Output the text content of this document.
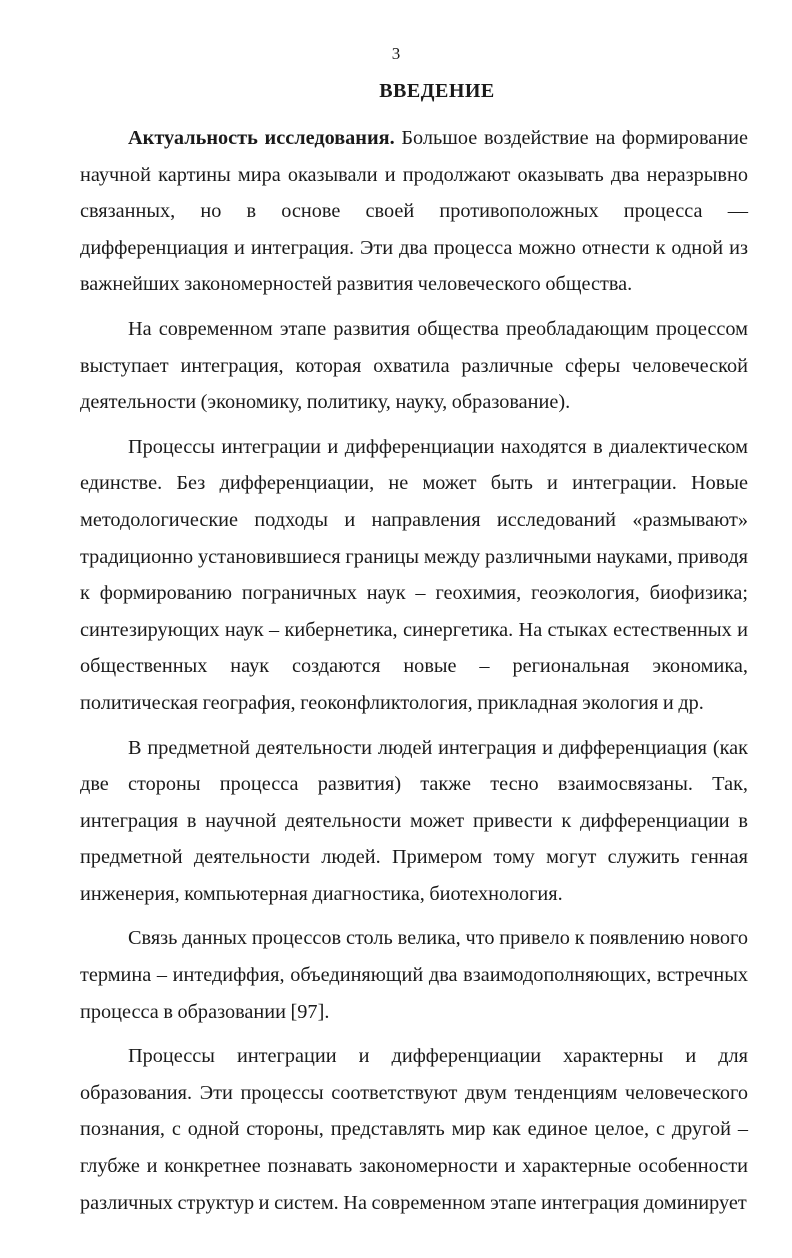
3
ВВЕДЕНИЕ

Актуальность исследования. Большое воздействие на формирование научной картины мира оказывали и продолжают оказывать два неразрывно связанных, но в основе своей противоположных процесса — дифференциация и интеграция. Эти два процесса можно отнести к одной из важнейших закономерностей развития человеческого общества.

На современном этапе развития общества преобладающим процессом выступает интеграция, которая охватила различные сферы человеческой деятельности (экономику, политику, науку, образование).

Процессы интеграции и дифференциации находятся в диалектическом единстве. Без дифференциации, не может быть и интеграции. Новые методологические подходы и направления исследований «размывают» традиционно установившиеся границы между различными науками, приводя к формированию пограничных наук – геохимия, геоэкология, биофизика; синтезирующих наук – кибернетика, синергетика. На стыках естественных и общественных наук создаются новые – региональная экономика, политическая география, геоконфликтология, прикладная экология и др.

В предметной деятельности людей интеграция и дифференциация (как две стороны процесса развития) также тесно взаимосвязаны. Так, интеграция в научной деятельности может привести к дифференциации в предметной деятельности людей. Примером тому могут служить генная инженерия, компьютерная диагностика, биотехнология.

Связь данных процессов столь велика, что привело к появлению нового термина – интедиффия, объединяющий два взаимодополняющих, встречных процесса в образовании [97].

Процессы интеграции и дифференциации характерны и для образования. Эти процессы соответствуют двум тенденциям человеческого познания, с одной стороны, представлять мир как единое целое, с другой – глубже и конкретнее познавать закономерности и характерные особенности различных структур и систем. На современном этапе интеграция доминирует
